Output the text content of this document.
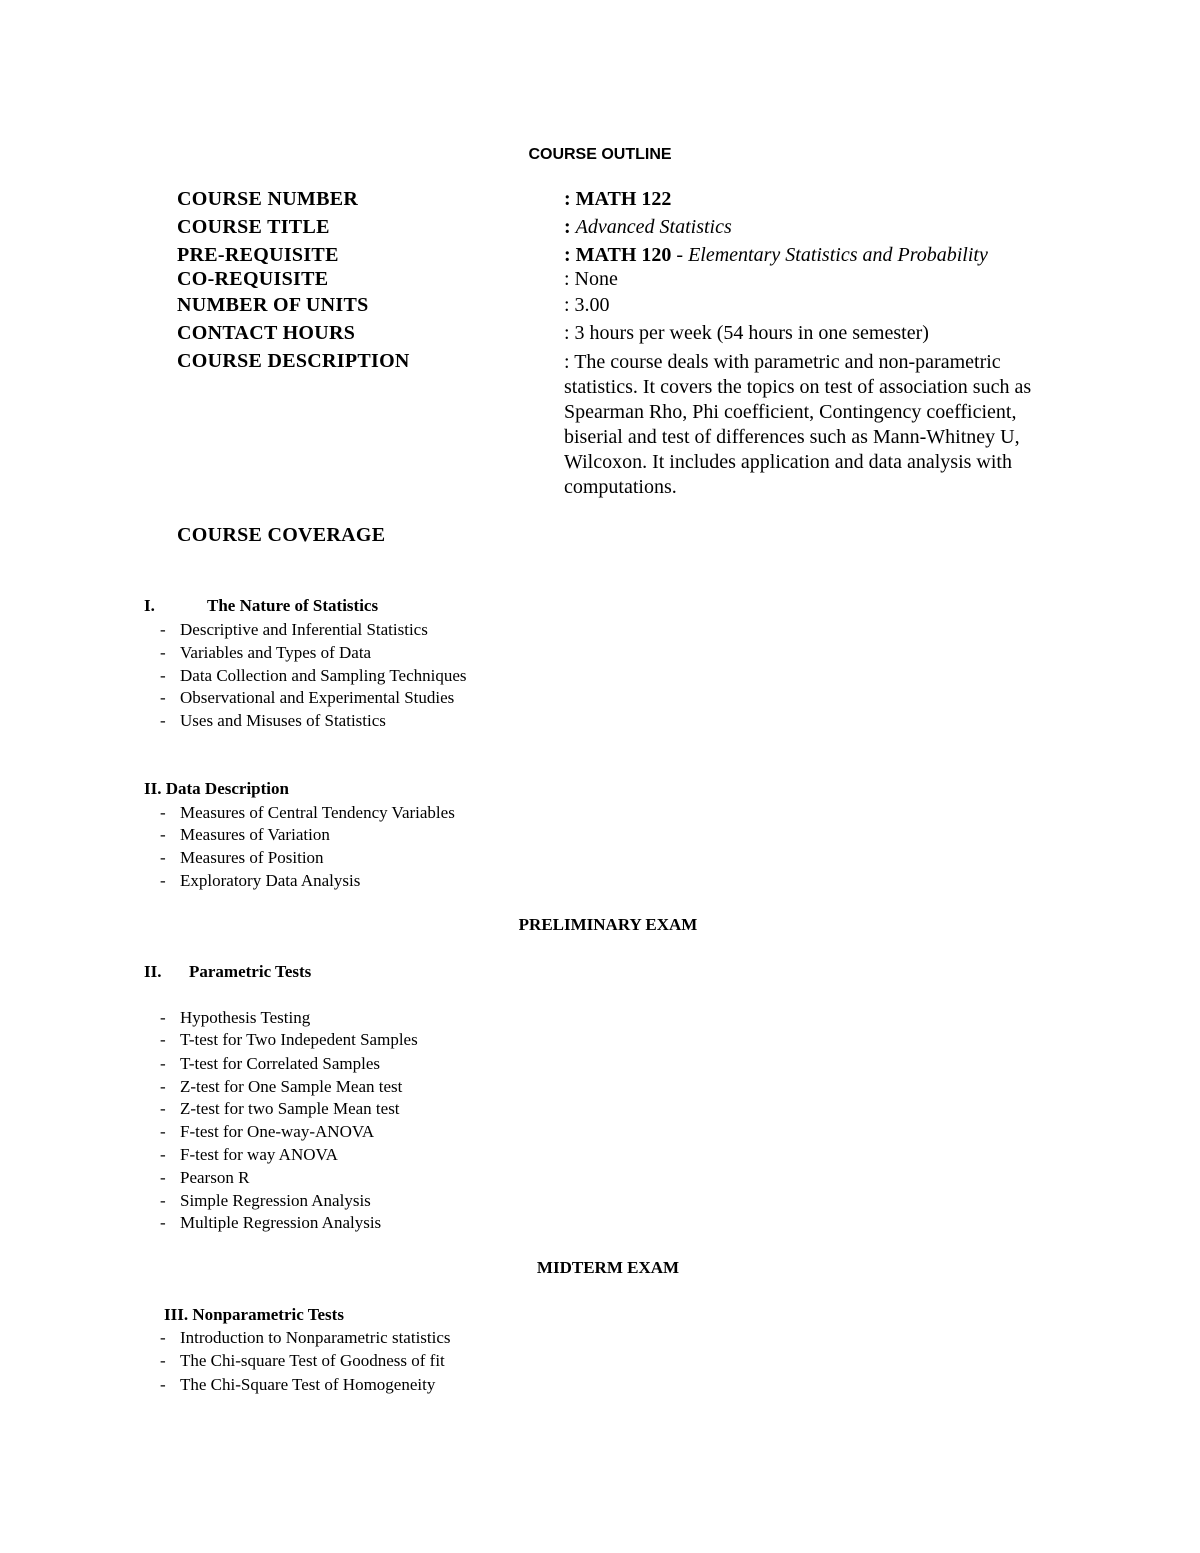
COURSE OUTLINE
COURSE NUMBER	: MATH 122
COURSE TITLE	: Advanced Statistics
PRE-REQUISITE	: MATH 120 - Elementary Statistics and Probability
CO-REQUISITE	: None
NUMBER OF UNITS	: 3.00
CONTACT HOURS	: 3 hours per week (54 hours in one semester)
COURSE DESCRIPTION	: The course deals with parametric and non-parametric statistics. It covers the topics on test of association such as Spearman Rho, Phi coefficient, Contingency coefficient, biserial and test of differences such as Mann-Whitney U, Wilcoxon. It includes application and data analysis with computations.
COURSE COVERAGE
I.	The Nature of Statistics
- Descriptive and Inferential Statistics
- Variables and Types of Data
- Data Collection and Sampling Techniques
- Observational and Experimental Studies
- Uses and Misuses of Statistics
II. Data Description
- Measures of Central Tendency Variables
- Measures of Variation
- Measures of Position
- Exploratory Data Analysis
PRELIMINARY EXAM
II. Parametric Tests
- Hypothesis Testing
- T-test for Two Indepedent Samples
- T-test for Correlated Samples
- Z-test for One Sample Mean test
- Z-test for two Sample Mean test
- F-test for One-way-ANOVA
- F-test for way ANOVA
- Pearson R
- Simple Regression Analysis
- Multiple Regression Analysis
MIDTERM EXAM
III. Nonparametric Tests
- Introduction to Nonparametric statistics
- The Chi-square Test of Goodness of fit
- The Chi-Square Test of Homogeneity
